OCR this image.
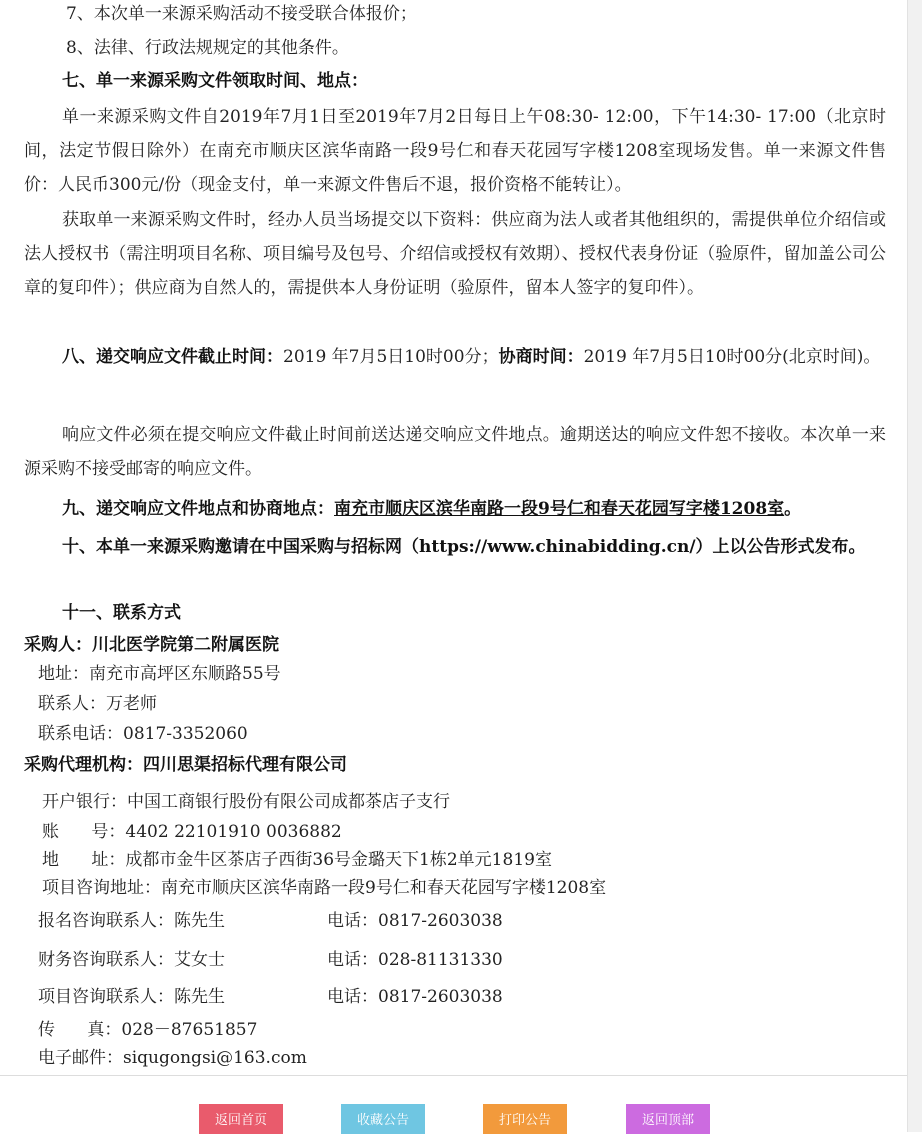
7、本次单一来源采购活动不接受联合体报价；
8、法律、行政法规规定的其他条件。
七、单一来源采购文件领取时间、地点：
单一来源采购文件自2019年7月1日至2019年7月2日每日上午08:30- 12:00，下午14:30- 17:00（北京时间，法定节假日除外）在南充市顺庆区滨华南路一段9号仁和春天花园写字楼1208室现场发售。单一来源文件售价：人民币300元/份（现金支付，单一来源文件售后不退，报价资格不能转让）。
获取单一来源采购文件时，经办人员当场提交以下资料：供应商为法人或者其他组织的，需提供单位介绍信或法人授权书（需注明项目名称、项目编号及包号、介绍信或授权有效期）、授权代表身份证（验原件，留加盖公司公章的复印件）；供应商为自然人的，需提供本人身份证明（验原件，留本人签字的复印件）。
八、递交响应文件截止时间：2019 年7月5日10时00分；协商时间：2019 年7月5日10时00分(北京时间)。
响应文件必须在提交响应文件截止时间前送达递交响应文件地点。逾期送达的响应文件恕不接收。本次单一来源采购不接受邮寄的响应文件。
九、递交响应文件地点和协商地点：南充市顺庆区滨华南路一段9号仁和春天花园写字楼1208室。
十、本单一来源采购邀请在中国采购与招标网（https://www.chinabidding.cn/）上以公告形式发布。
十一、联系方式
采购人：川北医学院第二附属医院
地址：南充市高坪区东顺路55号
联系人：万老师
联系电话：0817-3352060
采购代理机构：四川思渠招标代理有限公司
开户银行：中国工商银行股份有限公司成都茶店子支行
账      号：4402 22101910 0036882
地      址：成都市金牛区茶店子西街36号金璐天下1栋2单元1819室
项目咨询地址：南充市顺庆区滨华南路一段9号仁和春天花园写字楼1208室
报名咨询联系人：陈先生	电话：0817-2603038
财务咨询联系人：艾女士	电话：028-81131330
项目咨询联系人：陈先生	电话：0817-2603038
传      真：028－87651857
电子邮件：siqugongsi@163.com
返回首页	收藏公告	打印公告	返回顶部
